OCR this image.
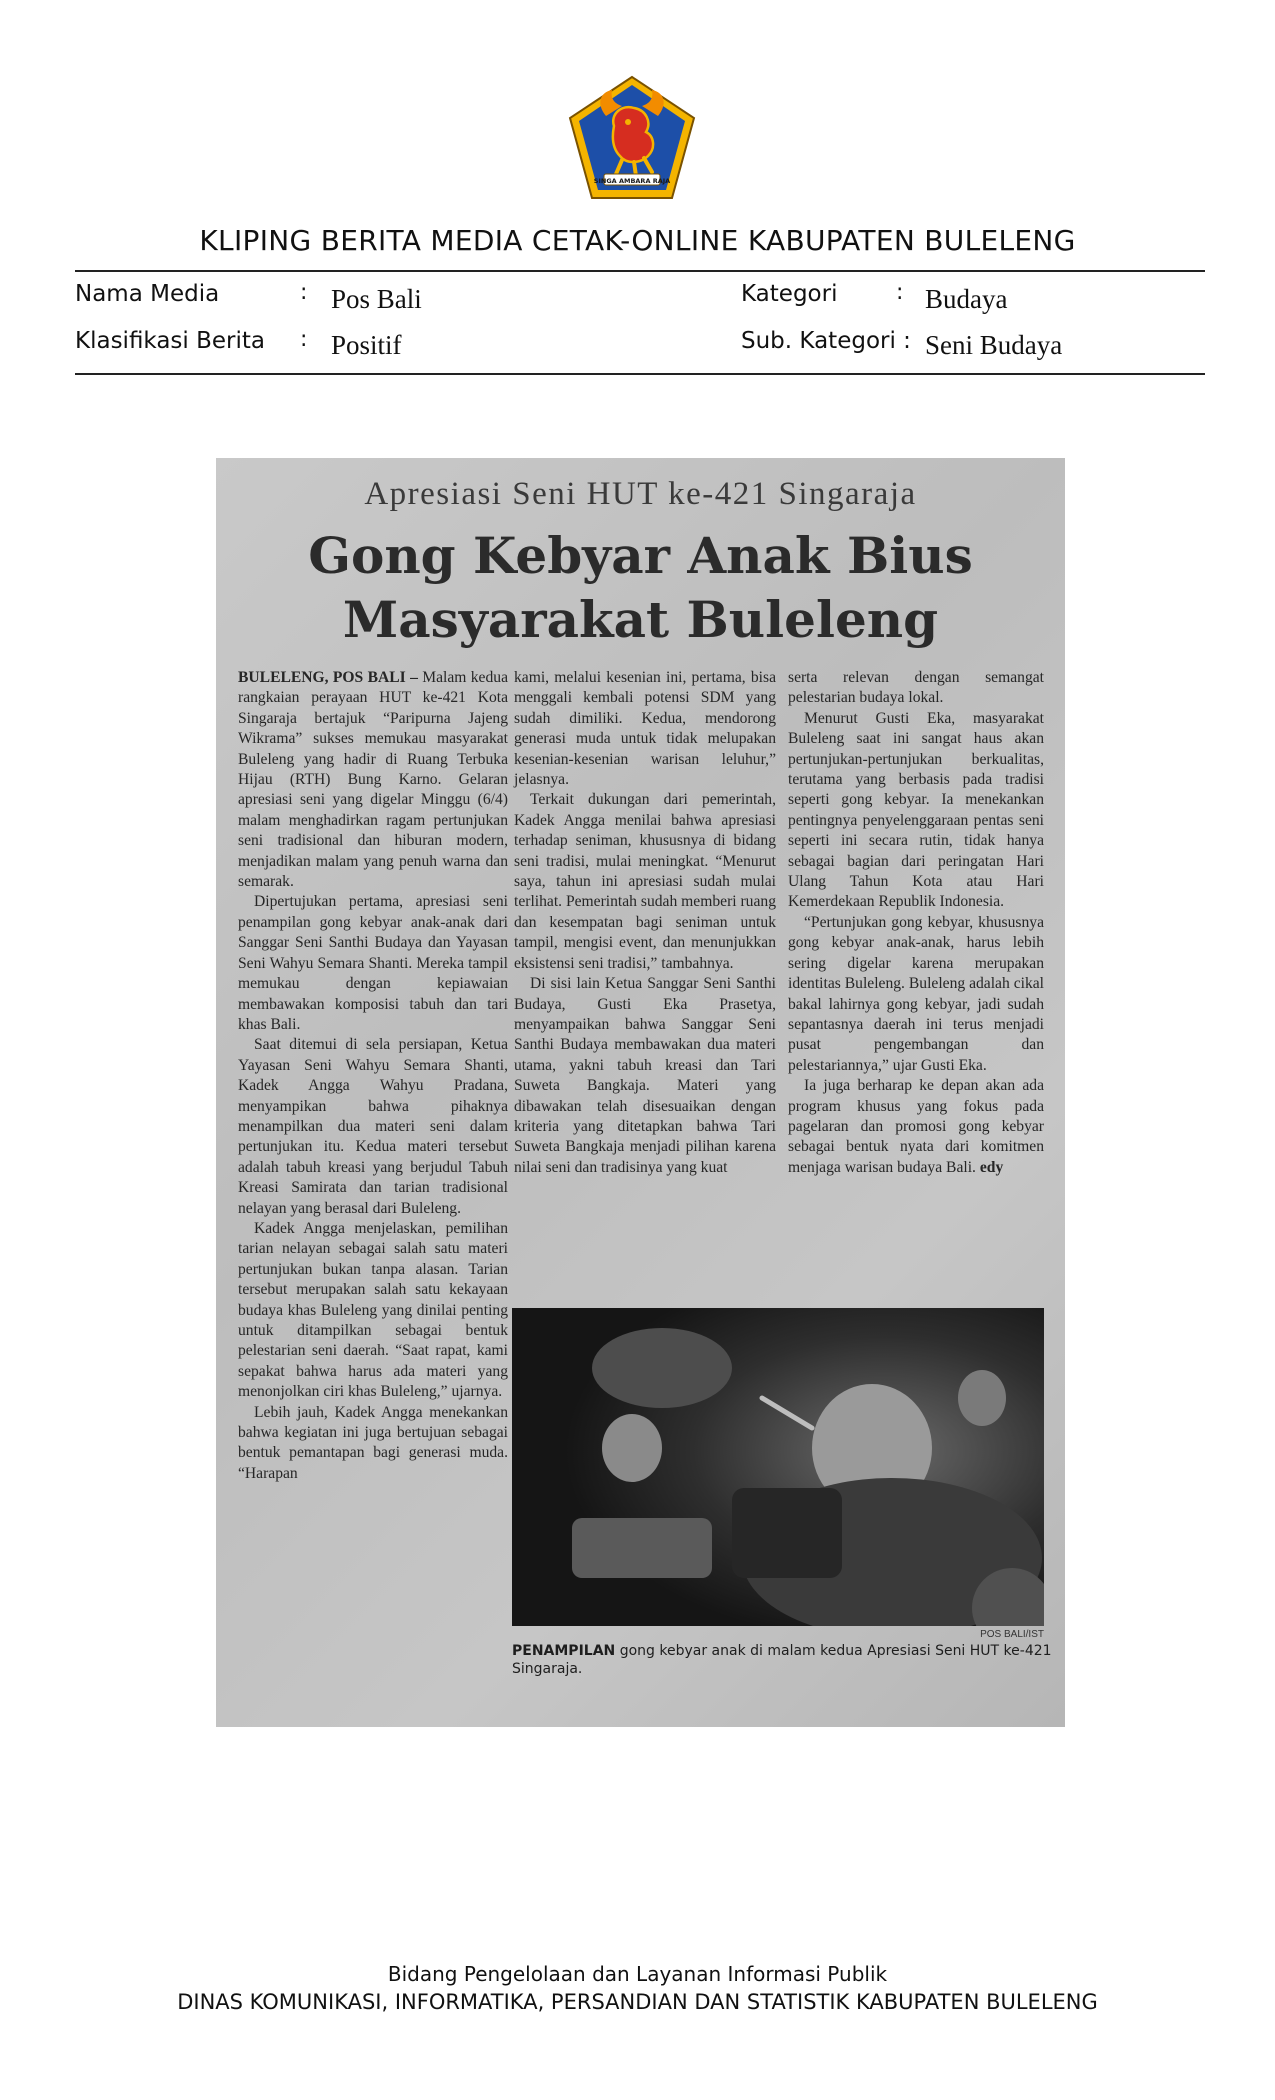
SINGA AMBARA RAJA
KLIPING BERITA MEDIA CETAK-ONLINE KABUPATEN BULELENG
Nama Media	: Pos Bali	Kategori	: Budaya
Klasifikasi Berita : Positif	Sub. Kategori : Seni Budaya
Apresiasi Seni HUT ke-421 Singaraja
Gong Kebyar Anak Bius
Masyarakat Buleleng

BULELENG, POS BALI – Malam kedua rangkaian perayaan HUT ke-421 Kota Singaraja bertajuk “Paripurna Jajeng Wikrama” sukses memukau masyarakat Buleleng yang hadir di Ruang Terbuka Hijau (RTH) Bung Karno. Gelaran apresiasi seni yang digelar Minggu (6/4) malam menghadirkan ragam pertunjukan seni tradisional dan hiburan modern, menjadikan malam yang penuh warna dan semarak.

Dipertujukan pertama, apresiasi seni penampilan gong kebyar anak-anak dari Sanggar Seni Santhi Budaya dan Yayasan Seni Wahyu Semara Shanti. Mereka tampil memukau dengan kepiawaian membawakan komposisi tabuh dan tari khas Bali.

Saat ditemui di sela persiapan, Ketua Yayasan Seni Wahyu Semara Shanti, Kadek Angga Wahyu Pradana, menyampikan bahwa pihaknya menampilkan dua materi seni dalam pertunjukan itu. Kedua materi tersebut adalah tabuh kreasi yang berjudul Tabuh Kreasi Samirata dan tarian tradisional nelayan yang berasal dari Buleleng.

Kadek Angga menjelaskan, pemilihan tarian nelayan sebagai salah satu materi pertunjukan bukan tanpa alasan. Tarian tersebut merupakan salah satu kekayaan budaya khas Buleleng yang dinilai penting untuk ditampilkan sebagai bentuk pelestarian seni daerah. “Saat rapat, kami sepakat bahwa harus ada materi yang menonjolkan ciri khas Buleleng,” ujarnya.

Lebih jauh, Kadek Angga menekankan bahwa kegiatan ini juga bertujuan sebagai bentuk pemantapan bagi generasi muda. “Harapan

kami, melalui kesenian ini, pertama, bisa menggali kembali potensi SDM yang sudah dimiliki. Kedua, mendorong generasi muda untuk tidak melupakan kesenian-kesenian warisan leluhur,” jelasnya.

Terkait dukungan dari pemerintah, Kadek Angga menilai bahwa apresiasi terhadap seniman, khususnya di bidang seni tradisi, mulai meningkat. “Menurut saya, tahun ini apresiasi sudah mulai terlihat. Pemerintah sudah memberi ruang dan kesempatan bagi seniman untuk tampil, mengisi event, dan menunjukkan eksistensi seni tradisi,” tambahnya.

Di sisi lain Ketua Sanggar Seni Santhi Budaya, Gusti Eka Prasetya, menyampaikan bahwa Sanggar Seni Santhi Budaya membawakan dua materi utama, yakni tabuh kreasi dan Tari Suweta Bangkaja. Materi yang dibawakan telah disesuaikan dengan kriteria yang ditetapkan bahwa Tari Suweta Bangkaja menjadi pilihan karena nilai seni dan tradisinya yang kuat

serta relevan dengan semangat pelestarian budaya lokal.

Menurut Gusti Eka, masyarakat Buleleng saat ini sangat haus akan pertunjukan-pertunjukan berkualitas, terutama yang berbasis pada tradisi seperti gong kebyar. Ia menekankan pentingnya penyelenggaraan pentas seni seperti ini secara rutin, tidak hanya sebagai bagian dari peringatan Hari Ulang Tahun Kota atau Hari Kemerdekaan Republik Indonesia.

“Pertunjukan gong kebyar, khususnya gong kebyar anak-anak, harus lebih sering digelar karena merupakan identitas Buleleng. Buleleng adalah cikal bakal lahirnya gong kebyar, jadi sudah sepantasnya daerah ini terus menjadi pusat pengembangan dan pelestariannya,” ujar Gusti Eka.

Ia juga berharap ke depan akan ada program khusus yang fokus pada pagelaran dan promosi gong kebyar sebagai bentuk nyata dari komitmen menjaga warisan budaya Bali. edy

POS BALI/IST
PENAMPILAN gong kebyar anak di malam kedua Apresiasi Seni HUT ke-421 Singaraja.
Bidang Pengelolaan dan Layanan Informasi Publik
DINAS KOMUNIKASI, INFORMATIKA, PERSANDIAN DAN STATISTIK KABUPATEN BULELENG
